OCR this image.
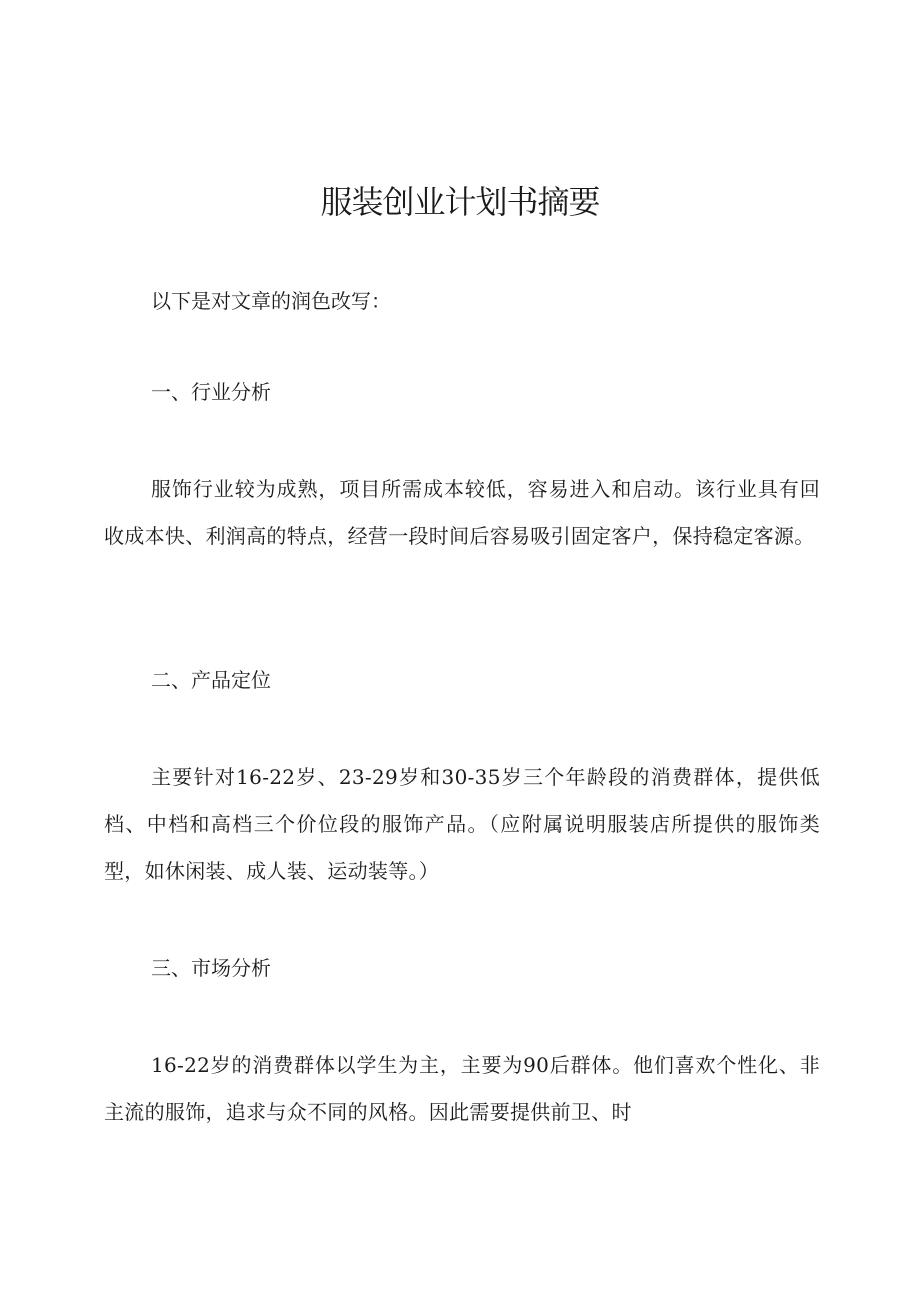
服装创业计划书摘要

以下是对文章的润色改写：

一、行业分析

服饰行业较为成熟，项目所需成本较低，容易进入和启动。该行业具有回收成本快、利润高的特点，经营一段时间后容易吸引固定客户，保持稳定客源。

二、产品定位

主要针对16-22岁、23-29岁和30-35岁三个年龄段的消费群体，提供低档、中档和高档三个价位段的服饰产品。（应附属说明服装店所提供的服饰类型，如休闲装、成人装、运动装等。）

三、市场分析

16-22岁的消费群体以学生为主，主要为90后群体。他们喜欢个性化、非主流的服饰，追求与众不同的风格。因此需要提供前卫、时
